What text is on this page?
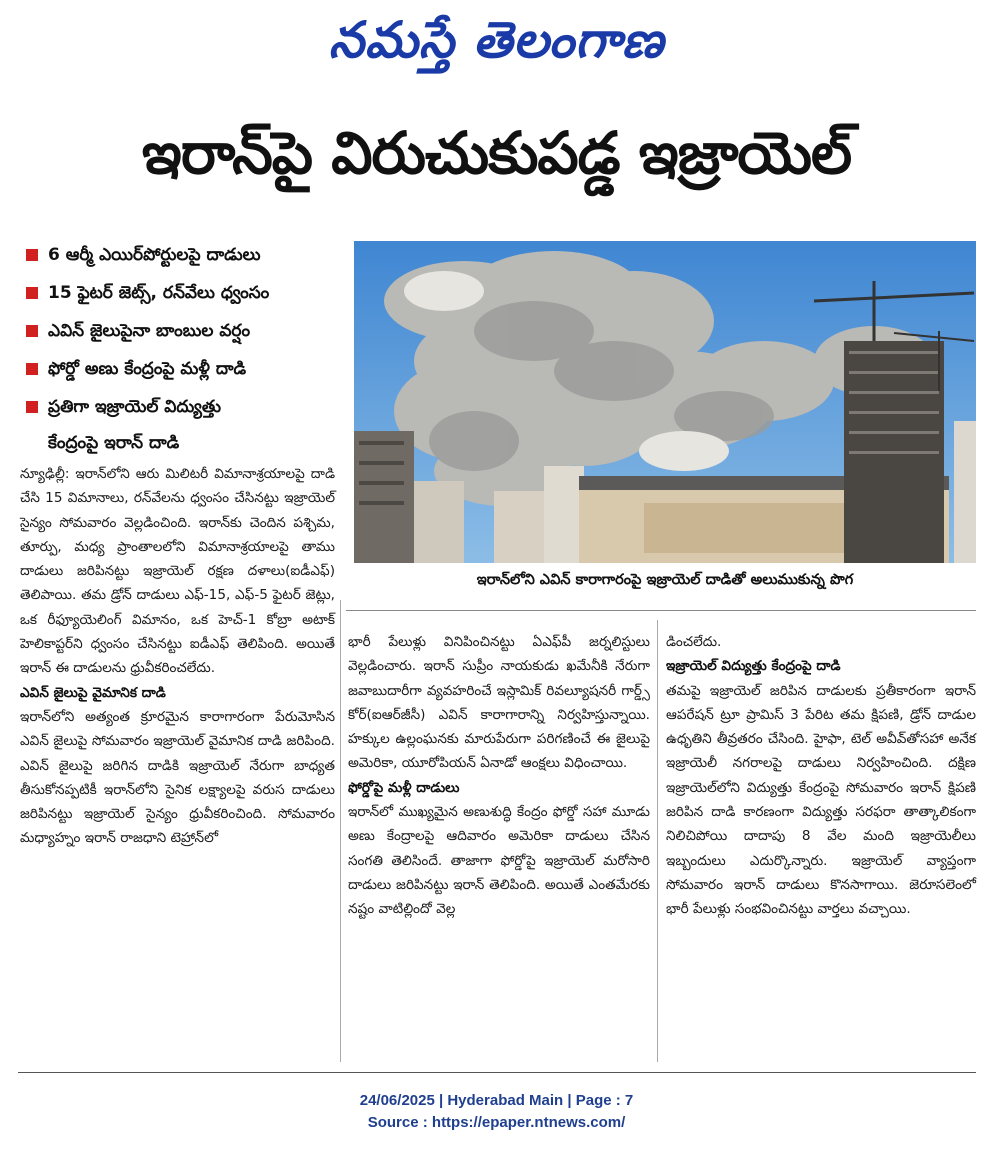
నమస్తే తెలంగాణ
ఇరాన్‌పై విరుచుకుపడ్డ ఇజ్రాయెల్
6 ఆర్మీ ఎయిర్‌పోర్టులపై దాడులు
15 ఫైటర్ జెట్స్, రన్‌వేలు ధ్వంసం
ఎవిన్ జైలుపైనా బాంబుల వర్షం
ఫోర్డో అణు కేంద్రంపై మళ్లీ దాడి
ప్రతిగా ఇజ్రాయెల్ విద్యుత్తు
కేంద్రంపై ఇరాన్ దాడి
ఇరాన్‌లోని ఎవిన్ కారాగారంపై ఇజ్రాయెల్ దాడితో అలుముకున్న పొగ

న్యూఢిల్లీ: ఇరాన్‌లోని ఆరు మిలిటరీ విమానాశ్రయాలపై దాడి చేసి 15 విమానాలు, రన్‌వేలను ధ్వంసం చేసినట్టు ఇజ్రాయెల్ సైన్యం సోమవారం వెల్లడించింది. ఇరాన్‌కు చెందిన పశ్చిమ, తూర్పు, మధ్య ప్రాంతాలలోని విమానాశ్రయాలపై తాము దాడులు జరిపినట్టు ఇజ్రాయెల్ రక్షణ దళాలు(ఐడీఎఫ్) తెలిపాయి. తమ డ్రోన్ దాడులు ఎఫ్-15, ఎఫ్-5 ఫైటర్ జెట్లు, ఒక రీఫ్యూయెలింగ్ విమానం, ఒక హెచ్-1 కోబ్రా అటాక్ హెలికాప్టర్‌ని ధ్వంసం చేసినట్టు ఐడీఎఫ్ తెలిపింది. అయితే ఇరాన్ ఈ దాడులను ధ్రువీకరించలేదు.

ఎవిన్ జైలుపై వైమానిక దాడి

ఇరాన్‌లోని అత్యంత క్రూరమైన కారాగారంగా పేరుమోసిన ఎవిన్ జైలుపై సోమవారం ఇజ్రాయెల్ వైమానిక దాడి జరిపింది. ఎవిన్ జైలుపై జరిగిన దాడికి ఇజ్రాయెల్ నేరుగా బాధ్యత తీసుకోనప్పటికీ ఇరాన్‌లోని సైనిక లక్ష్యాలపై వరుస దాడులు జరిపినట్టు ఇజ్రాయెల్ సైన్యం ధ్రువీకరించింది. సోమవారం మధ్యాహ్నం ఇరాన్ రాజధాని టెహ్రాన్‌లో

భారీ పేలుళ్లు వినిపించినట్టు ఏఎఫ్‌పీ జర్నలిస్టులు వెల్లడించారు. ఇరాన్ సుప్రీం నాయకుడు ఖమేనీకి నేరుగా జవాబుదారీగా వ్యవహరించే ఇస్లామిక్ రివల్యూషనరీ గార్డ్స్ కోర్(ఐఆర్‌జీసీ) ఎవిన్ కారాగారాన్ని నిర్వహిస్తున్నాయి. హక్కుల ఉల్లంఘనకు మారుపేరుగా పరిగణించే ఈ జైలుపై అమెరికా, యూరోపియన్ ఏనాడో ఆంక్షలు విధించాయి.

ఫోర్డోపై మళ్లీ దాడులు

ఇరాన్‌లో ముఖ్యమైన అణుశుద్ధి కేంద్రం ఫోర్డో సహా మూడు అణు కేంద్రాలపై ఆదివారం అమెరికా దాడులు చేసిన సంగతి తెలిసిందే. తాజాగా ఫోర్డోపై ఇజ్రాయెల్ మరోసారి దాడులు జరిపినట్టు ఇరాన్ తెలిపింది. అయితే ఎంతమేరకు నష్టం వాటిల్లిందో వెల్ల

డించలేదు.

ఇజ్రాయెల్ విద్యుత్తు కేంద్రంపై దాడి

తమపై ఇజ్రాయెల్ జరిపిన దాడులకు ప్రతీకారంగా ఇరాన్ ఆపరేషన్ ట్రూ ప్రామిస్ 3 పేరిట తమ క్షిపణి, డ్రోన్ దాడుల ఉధృతిని తీవ్రతరం చేసింది. హైఫా, టెల్ అవీవ్‌తోసహా అనేక ఇజ్రాయెలీ నగరాలపై దాడులు నిర్వహించింది. దక్షిణ ఇజ్రాయెల్‌లోని విద్యుత్తు కేంద్రంపై సోమవారం ఇరాన్ క్షిపణి జరిపిన దాడి కారణంగా విద్యుత్తు సరఫరా తాత్కాలికంగా నిలిచిపోయి దాదాపు 8 వేల మంది ఇజ్రాయెలీలు ఇబ్బందులు ఎదుర్కొన్నారు. ఇజ్రాయెల్ వ్యాప్తంగా సోమవారం ఇరాన్ దాడులు కొనసాగాయి. జెరూసలెంలో భారీ పేలుళ్లు సంభవించినట్టు వార్తలు వచ్చాయి.

24/06/2025 | Hyderabad Main | Page : 7
Source : https://epaper.ntnews.com/
